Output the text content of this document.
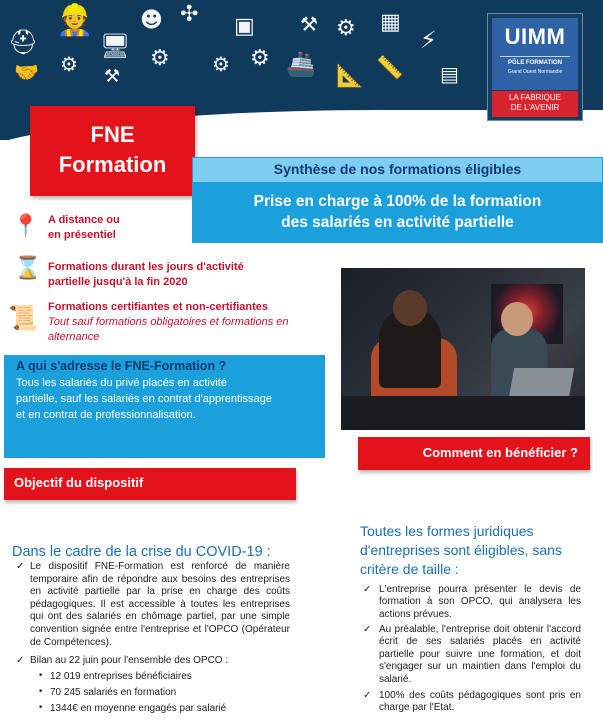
⛑
👷
🤝 ⚙
🖥
⚒
☻
⚙
✣
⚙
▣
⚙ 🚢
⚒ ⚙
📐
▦
⚡
📏 ▤
UIMM
PÔLE FORMATION
Grand Ouest Normandie
LA FABRIQUE
DE L'AVENIR
FNE
Formation	Synthèse de nos formations éligibles
Prise en charge à 100% de la formation
des salariés en activité partielle
📍 A distance ou
en présentiel
⌛ Formations durant les jours d'activité
partielle jusqu'à la fin 2020
📜 Formations certifiantes et non-certifiantes
Tout sauf formations obligatoires et formations en
alternance
A qui s'adresse le FNE-Formation ?
Tous les salariés du privé placés en activité
partielle, sauf les salariés en contrat d'apprentissage
et en contrat de professionnalisation.
Comment en bénéficier ?
Objectif du dispositif
Dans le cadre de la crise du COVID-19 :
✓ Le dispositif FNE-Formation est renforcé de manière temporaire afin de répondre aux besoins des entreprises en activité partielle par la prise en charge des coûts pédagogiques. Il est accessible à toutes les entreprises qui ont des salariés en chômage partiel, par une simple convention signée entre l'entreprise et l'OPCO (Opérateur de Compétences).
✓ Bilan au 22 juin pour l'ensemble des OPCO :
• 12 019 entreprises bénéficiaires
• 70 245 salariés en formation
• 1344€ en moyenne engagés par salarié
Toutes les formes juridiques
d'entreprises sont éligibles, sans
critère de taille :
✓ L'entreprise pourra présenter le devis de formation à son OPCO, qui analysera les actions prévues.
✓ Au préalable, l'entreprise doit obtenir l'accord écrit de ses salariés placés en activité partielle pour suivre une formation, et doit s'engager sur un maintien dans l'emploi du salarié.
✓ 100% des coûts pédagogiques sont pris en charge par l'Etat.
